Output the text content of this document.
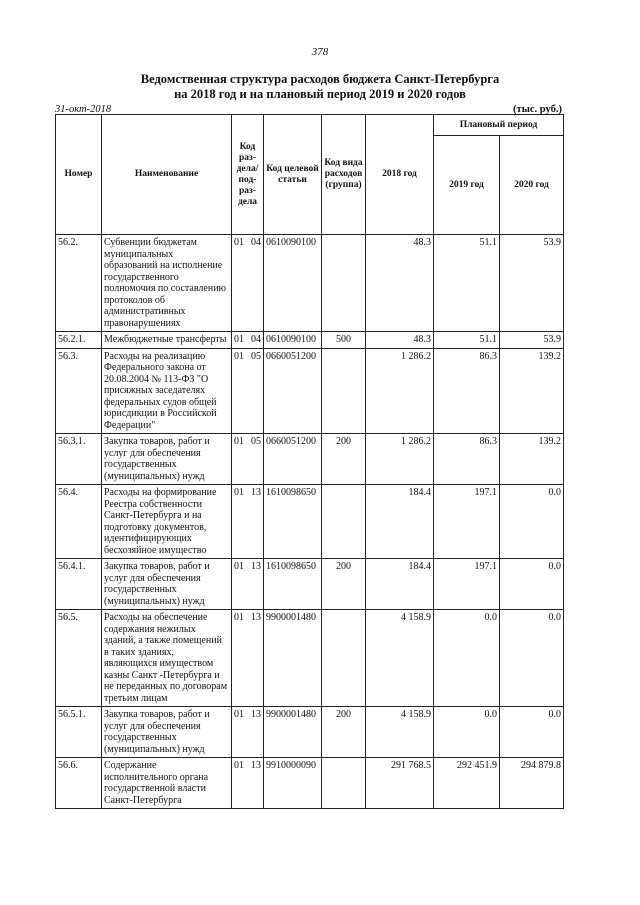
378
Ведомственная структура расходов бюджета Санкт-Петербурга
на 2018 год и на плановый период 2019 и 2020 годов
31-окт-2018	(тыс. руб.)
Номер	Наименование	Код раз-дела/ под-раз-дела	Код целевой статьи	Код вида расходов (группа)	2018 год	Плановый период	
						2019 год	2020 год
56.2.	Субвенции бюджетам муниципальных образований на исполнение государственного полномочия по составлению протоколов об административных правонарушениях	01 04	0610090100		48.3	51.1	53.9
56.2.1.	Межбюджетные трансферты	01 04	0610090100	500	48.3	51.1	53.9
56.3.	Расходы на реализацию Федерального закона от 20.08.2004 № 113-ФЗ "О присяжных заседателях федеральных судов общей юрисдикции в Российской Федерации"	01 05	0660051200		1 286.2	86.3	139.2
56.3.1.	Закупка товаров, работ и услуг для обеспечения государственных (муниципальных) нужд	01 05	0660051200	200	1 286.2	86.3	139.2
56.4.	Расходы на формирование Реестра собственности Санкт-Петербурга и на подготовку документов, идентифицирующих бесхозяйное имущество	01 13	1610098650		184.4	197.1	0.0
56.4.1.	Закупка товаров, работ и услуг для обеспечения государственных (муниципальных) нужд	01 13	1610098650	200	184.4	197.1	0.0
56.5.	Расходы на обеспечение содержания нежилых зданий, а также помещений в таких зданиях, являющихся имуществом казны Санкт -Петербурга и не переданных по договорам третьим лицам	01 13	9900001480		4 158.9	0.0	0.0
56.5.1.	Закупка товаров, работ и услуг для обеспечения государственных (муниципальных) нужд	01 13	9900001480	200	4 158.9	0.0	0.0
56.6.	Содержание исполнительного органа государственной власти Санкт-Петербурга	01 13	9910000090		291 768.5	292 451.9	294 879.8
